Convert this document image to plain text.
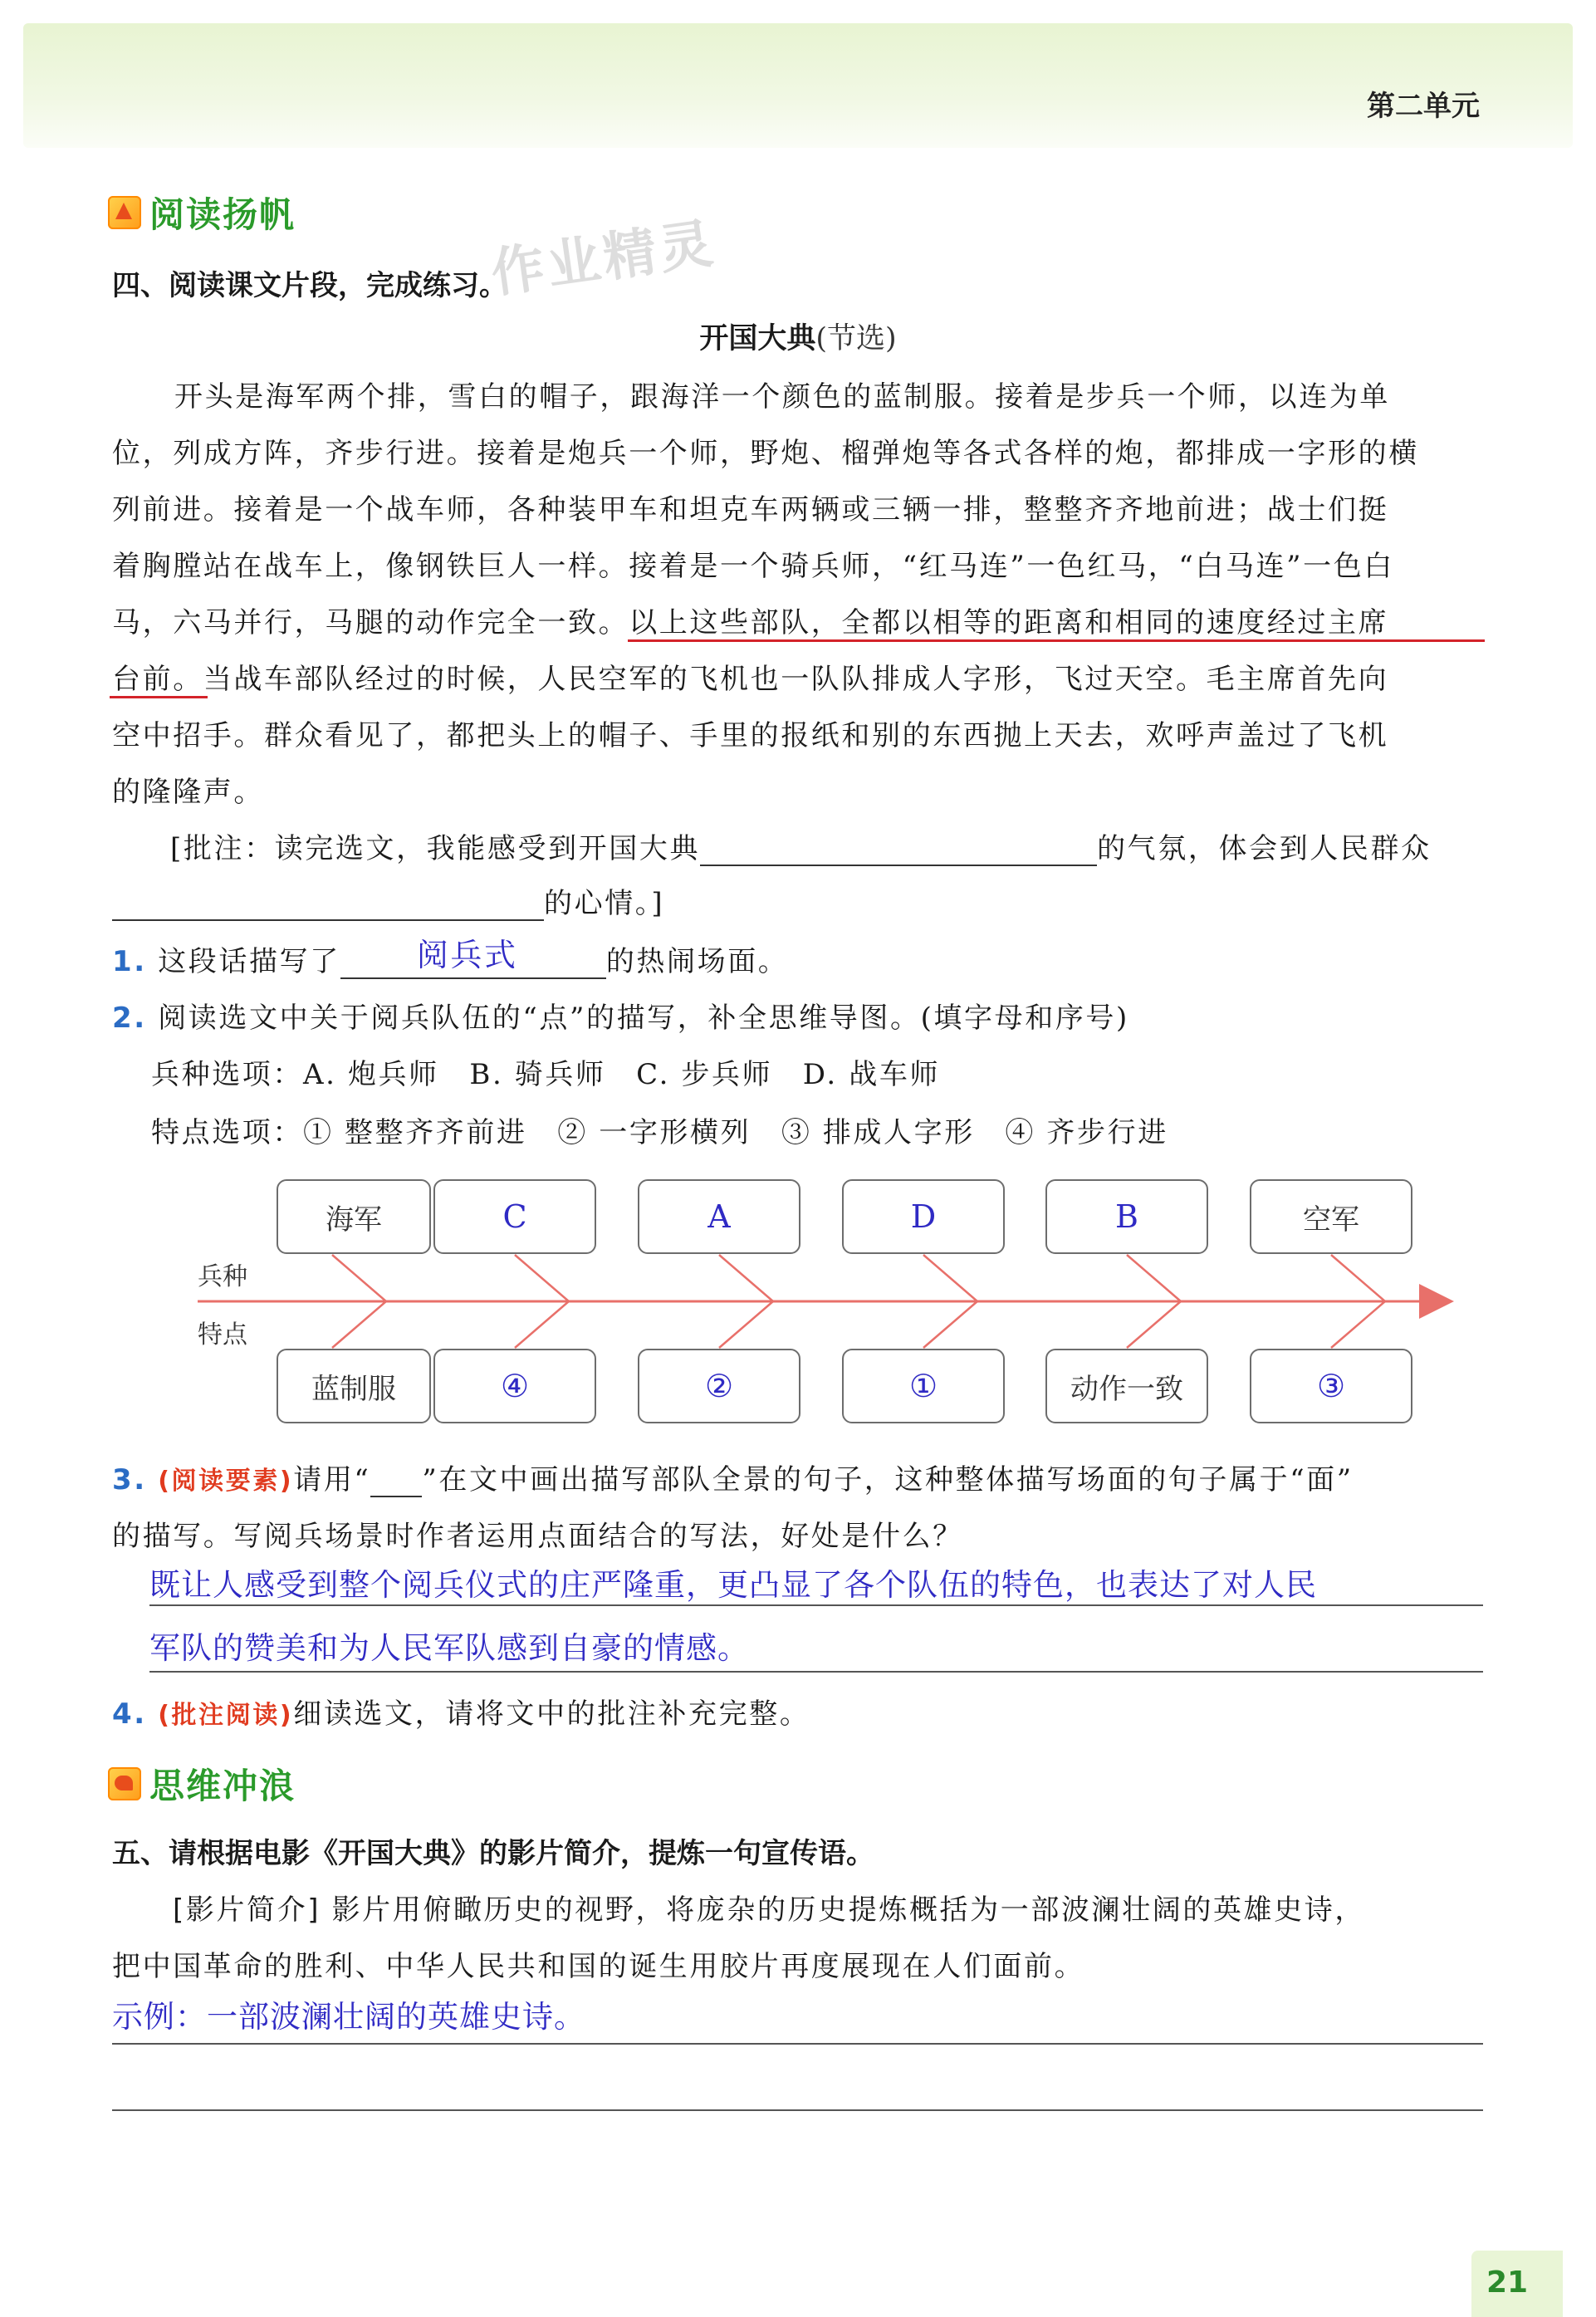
第二单元
作业精灵
阅读扬帆
四、阅读课文片段，完成练习。
开国大典(节选)
开头是海军两个排，雪白的帽子，跟海洋一个颜色的蓝制服。接着是步兵一个师，以连为单
位，列成方阵，齐步行进。接着是炮兵一个师，野炮、榴弹炮等各式各样的炮，都排成一字形的横
列前进。接着是一个战车师，各种装甲车和坦克车两辆或三辆一排，整整齐齐地前进；战士们挺
着胸膛站在战车上，像钢铁巨人一样。接着是一个骑兵师，“红马连”一色红马，“白马连”一色白
马，六马并行，马腿的动作完全一致。以上这些部队，全都以相等的距离和相同的速度经过主席
台前。当战车部队经过的时候，人民空军的飞机也一队队排成人字形，飞过天空。毛主席首先向
空中招手。群众看见了，都把头上的帽子、手里的报纸和别的东西抛上天去，欢呼声盖过了飞机
的隆隆声。
[批注：读完选文，我能感受到开国大典	的气氛，体会到人民群众
的心情。]
1. 这段话描写了 阅兵式	的热闹场面。
2. 阅读选文中关于阅兵队伍的“点”的描写，补全思维导图。(填字母和序号)
兵种选项：A. 炮兵师　B. 骑兵师　C. 步兵师　D. 战车师
特点选项：① 整整齐齐前进　② 一字形横列　③ 排成人字形　④ 齐步行进
兵种
特点
海军	C	A	D	B	空军
蓝制服	④	②	①	动作一致	③
3. (阅读要素)请用“ ”在文中画出描写部队全景的句子，这种整体描写场面的句子属于“面”
的描写。写阅兵场景时作者运用点面结合的写法，好处是什么？
既让人感受到整个阅兵仪式的庄严隆重，更凸显了各个队伍的特色，也表达了对人民
军队的赞美和为人民军队感到自豪的情感。
4. (批注阅读)细读选文，请将文中的批注补充完整。
思维冲浪
五、请根据电影《开国大典》的影片简介，提炼一句宣传语。
[影片简介] 影片用俯瞰历史的视野，将庞杂的历史提炼概括为一部波澜壮阔的英雄史诗，
把中国革命的胜利、中华人民共和国的诞生用胶片再度展现在人们面前。
示例：一部波澜壮阔的英雄史诗。
21
